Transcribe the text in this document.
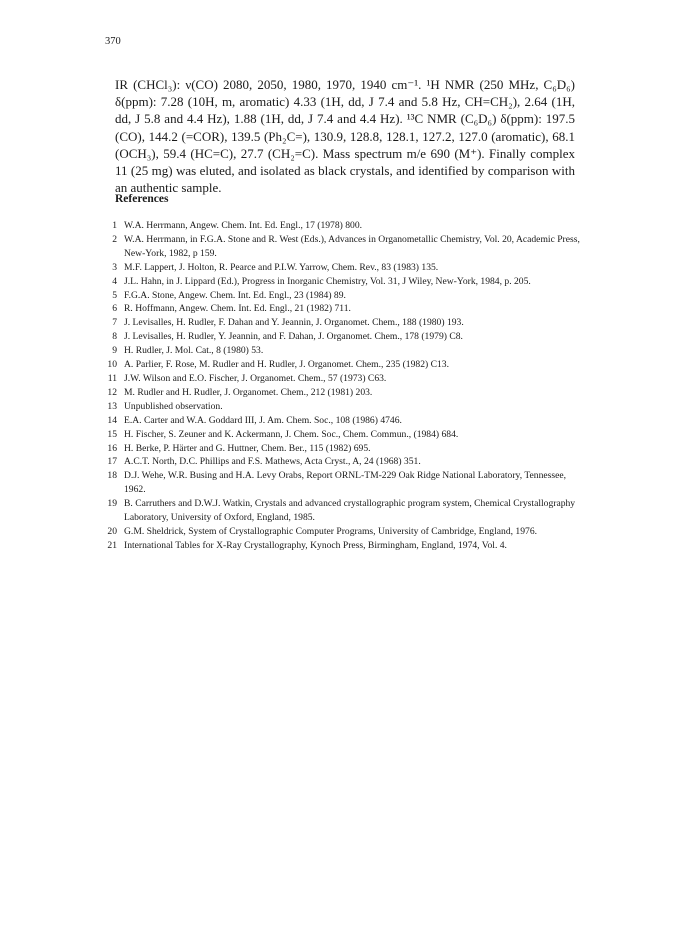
370

IR (CHCl₃): ν(CO) 2080, 2050, 1980, 1970, 1940 cm⁻¹. ¹H NMR (250 MHz, C₆D₆) δ(ppm): 7.28 (10H, m, aromatic) 4.33 (1H, dd, J 7.4 and 5.8 Hz, CH=CH₂), 2.64 (1H, dd, J 5.8 and 4.4 Hz), 1.88 (1H, dd, J 7.4 and 4.4 Hz). ¹³C NMR (C₆D₆) δ(ppm): 197.5 (CO), 144.2 (=COR), 139.5 (Ph₂C=), 130.9, 128.8, 128.1, 127.2, 127.0 (aromatic), 68.1 (OCH₃), 59.4 (HC=C), 27.7 (CH₂=C). Mass spectrum m/e 690 (M⁺). Finally complex 11 (25 mg) was eluted, and isolated as black crystals, and identified by comparison with an authentic sample.

References
1 W.A. Herrmann, Angew. Chem. Int. Ed. Engl., 17 (1978) 800.
2 W.A. Herrmann, in F.G.A. Stone and R. West (Eds.), Advances in Organometallic Chemistry, Vol. 20, Academic Press, New-York, 1982, p 159.
3 M.F. Lappert, J. Holton, R. Pearce and P.I.W. Yarrow, Chem. Rev., 83 (1983) 135.
4 J.L. Hahn, in J. Lippard (Ed.), Progress in Inorganic Chemistry, Vol. 31, J Wiley, New-York, 1984, p. 205.
5 F.G.A. Stone, Angew. Chem. Int. Ed. Engl., 23 (1984) 89.
6 R. Hoffmann, Angew. Chem. Int. Ed. Engl., 21 (1982) 711.
7 J. Levisalles, H. Rudler, F. Dahan and Y. Jeannin, J. Organomet. Chem., 188 (1980) 193.
8 J. Levisalles, H. Rudler, Y. Jeannin, and F. Dahan, J. Organomet. Chem., 178 (1979) C8.
9 H. Rudler, J. Mol. Cat., 8 (1980) 53.
10 A. Parlier, F. Rose, M. Rudler and H. Rudler, J. Organomet. Chem., 235 (1982) C13.
11 J.W. Wilson and E.O. Fischer, J. Organomet. Chem., 57 (1973) C63.
12 M. Rudler and H. Rudler, J. Organomet. Chem., 212 (1981) 203.
13 Unpublished observation.
14 E.A. Carter and W.A. Goddard III, J. Am. Chem. Soc., 108 (1986) 4746.
15 H. Fischer, S. Zeuner and K. Ackermann, J. Chem. Soc., Chem. Commun., (1984) 684.
16 H. Berke, P. Härter and G. Huttner, Chem. Ber., 115 (1982) 695.
17 A.C.T. North, D.C. Phillips and F.S. Mathews, Acta Cryst., A, 24 (1968) 351.
18 D.J. Wehe, W.R. Busing and H.A. Levy Orabs, Report ORNL-TM-229 Oak Ridge National Laboratory, Tennessee, 1962.
19 B. Carruthers and D.W.J. Watkin, Crystals and advanced crystallographic program system, Chemical Crystallography Laboratory, University of Oxford, England, 1985.
20 G.M. Sheldrick, System of Crystallographic Computer Programs, University of Cambridge, England, 1976.
21 International Tables for X-Ray Crystallography, Kynoch Press, Birmingham, England, 1974, Vol. 4.
